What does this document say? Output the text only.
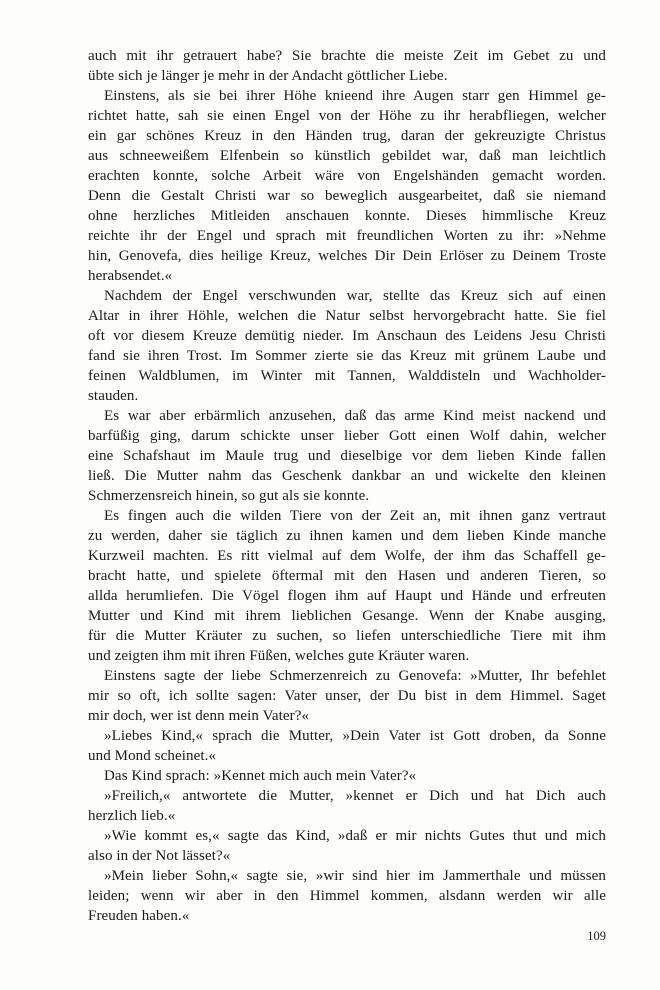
auch mit ihr getrauert habe? Sie brachte die meiste Zeit im Gebet zu und
übte sich je länger je mehr in der Andacht göttlicher Liebe.
Einstens, als sie bei ihrer Höhe knieend ihre Augen starr gen Himmel ge-
richtet hatte, sah sie einen Engel von der Höhe zu ihr herabfliegen, welcher
ein gar schönes Kreuz in den Händen trug, daran der gekreuzigte Christus
aus schneeweißem Elfenbein so künstlich gebildet war, daß man leichtlich
erachten konnte, solche Arbeit wäre von Engelshänden gemacht worden.
Denn die Gestalt Christi war so beweglich ausgearbeitet, daß sie niemand
ohne herzliches Mitleiden anschauen konnte. Dieses himmlische Kreuz
reichte ihr der Engel und sprach mit freundlichen Worten zu ihr: »Nehme
hin, Genovefa, dies heilige Kreuz, welches Dir Dein Erlöser zu Deinem Troste
herabsendet.«
Nachdem der Engel verschwunden war, stellte das Kreuz sich auf einen
Altar in ihrer Höhle, welchen die Natur selbst hervorgebracht hatte. Sie fiel
oft vor diesem Kreuze demütig nieder. Im Anschaun des Leidens Jesu Christi
fand sie ihren Trost. Im Sommer zierte sie das Kreuz mit grünem Laube und
feinen Waldblumen, im Winter mit Tannen, Walddisteln und Wachholder-
stauden.
Es war aber erbärmlich anzusehen, daß das arme Kind meist nackend und
barfüßig ging, darum schickte unser lieber Gott einen Wolf dahin, welcher
eine Schafshaut im Maule trug und dieselbige vor dem lieben Kinde fallen
ließ. Die Mutter nahm das Geschenk dankbar an und wickelte den kleinen
Schmerzensreich hinein, so gut als sie konnte.
Es fingen auch die wilden Tiere von der Zeit an, mit ihnen ganz vertraut
zu werden, daher sie täglich zu ihnen kamen und dem lieben Kinde manche
Kurzweil machten. Es ritt vielmal auf dem Wolfe, der ihm das Schaffell ge-
bracht hatte, und spielete öftermal mit den Hasen und anderen Tieren, so
allda herumliefen. Die Vögel flogen ihm auf Haupt und Hände und erfreuten
Mutter und Kind mit ihrem lieblichen Gesange. Wenn der Knabe ausging,
für die Mutter Kräuter zu suchen, so liefen unterschiedliche Tiere mit ihm
und zeigten ihm mit ihren Füßen, welches gute Kräuter waren.
Einstens sagte der liebe Schmerzenreich zu Genovefa: »Mutter, Ihr befehlet
mir so oft, ich sollte sagen: Vater unser, der Du bist in dem Himmel. Saget
mir doch, wer ist denn mein Vater?«
»Liebes Kind,« sprach die Mutter, »Dein Vater ist Gott droben, da Sonne
und Mond scheinet.«
Das Kind sprach: »Kennet mich auch mein Vater?«
»Freilich,« antwortete die Mutter, »kennet er Dich und hat Dich auch
herzlich lieb.«
»Wie kommt es,« sagte das Kind, »daß er mir nichts Gutes thut und mich
also in der Not lässet?«
»Mein lieber Sohn,« sagte sie, »wir sind hier im Jammerthale und müssen
leiden; wenn wir aber in den Himmel kommen, alsdann werden wir alle
Freuden haben.«
109
